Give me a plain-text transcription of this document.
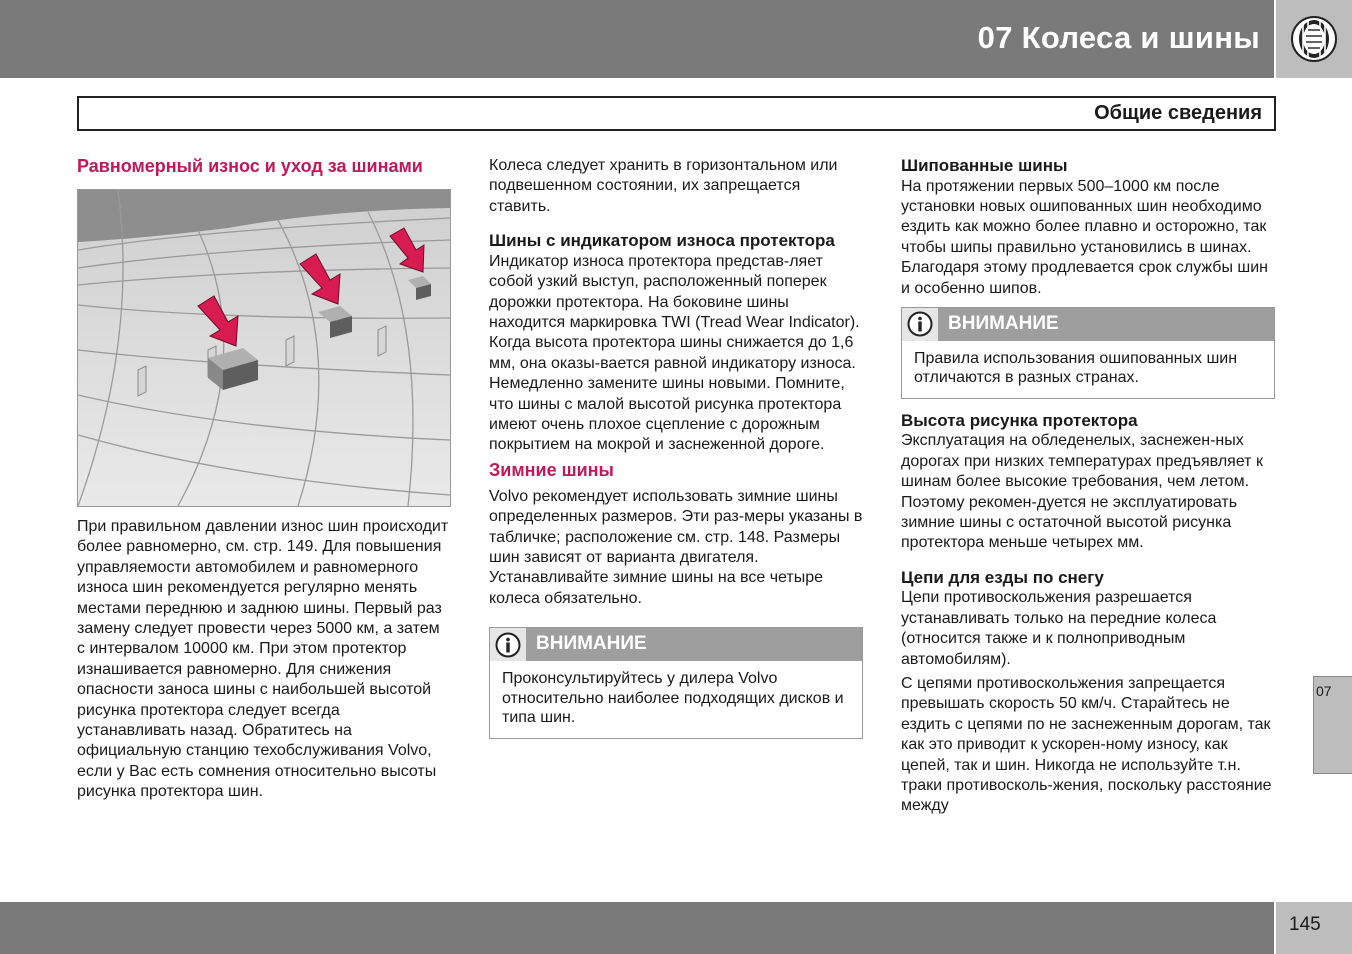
07 Колеса и шины
Общие сведения
Равномерный износ и уход за шинами

При правильном давлении износ шин происходит более равномерно, см. стр. 149. Для повышения управляемости автомобилем и равномерного износа шин рекомендуется регулярно менять местами переднюю и заднюю шины. Первый раз замену следует провести через 5000 км, а затем с интервалом 10000 км. При этом протектор изнашивается равномерно. Для снижения опасности заноса шины с наибольшей высотой рисунка протектора следует всегда устанавливать назад. Обратитесь на официальную станцию техобслуживания Volvo, если у Вас есть сомнения относительно высоты рисунка протектора шин.

Колеса следует хранить в горизонтальном или подвешенном состоянии, их запрещается ставить.

Шины с индикатором износа протектора

Индикатор износа протектора представ-ляет собой узкий выступ, расположенный поперек дорожки протектора. На боковине шины находится маркировка TWI (Tread Wear Indicator). Когда высота протектора шины снижается до 1,6 мм, она оказы-вается равной индикатору износа. Немедленно замените шины новыми. Помните, что шины с малой высотой рисунка протектора имеют очень плохое сцепление с дорожным покрытием на мокрой и заснеженной дороге.

Зимние шины

Volvo рекомендует использовать зимние шины определенных размеров. Эти раз-меры указаны в табличке; расположение см. стр. 148. Размеры шин зависят от варианта двигателя. Устанавливайте зимние шины на все четыре колеса обязательно.

ВНИМАНИЕ
Проконсультируйтесь у дилера Volvo относительно наиболее подходящих дисков и типа шин.
Шипованные шины

На протяжении первых 500–1000 км после установки новых ошипованных шин необходимо ездить как можно более плавно и осторожно, так чтобы шипы правильно установились в шинах. Благодаря этому продлевается срок службы шин и особенно шипов.

ВНИМАНИЕ
Правила использования ошипованных шин отличаются в разных странах.
Высота рисунка протектора

Эксплуатация на обледенелых, заснежен-ных дорогах при низких температурах предъявляет к шинам более высокие требования, чем летом. Поэтому рекомен-дуется не эксплуатировать зимние шины с остаточной высотой рисунка протектора меньше четырех мм.

Цепи для езды по снегу

Цепи противоскольжения разрешается устанавливать только на передние колеса (относится также и к полноприводным автомобилям).

С цепями противоскольжения запрещается превышать скорость 50 км/ч. Старайтесь не ездить с цепями по не заснеженным дорогам, так как это приводит к ускорен-ному износу, как цепей, так и шин. Никогда не используйте т.н. траки противосколь-жения, поскольку расстояние между

07
145
